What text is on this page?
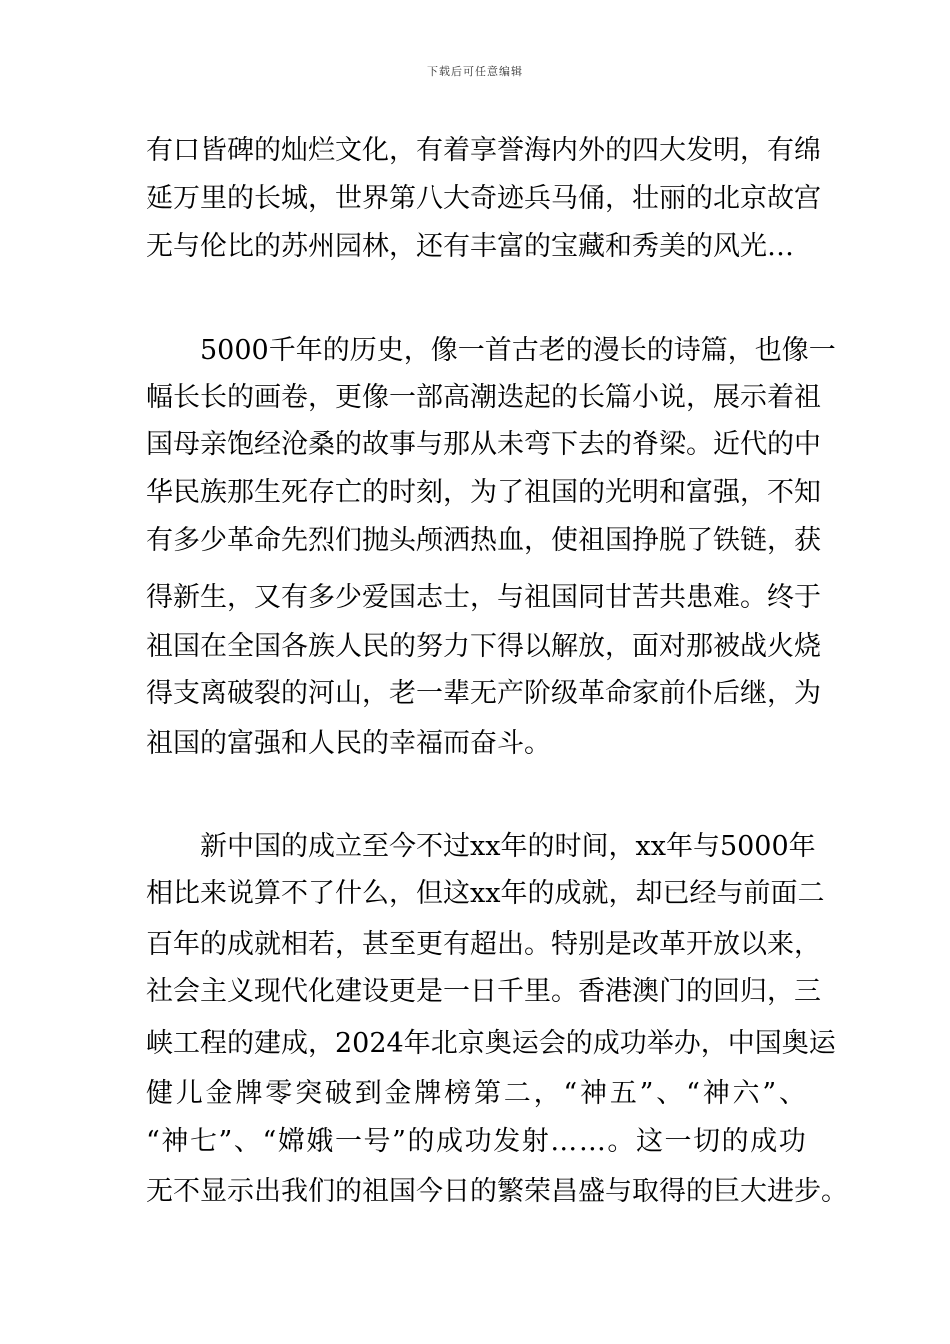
下载后可任意编辑
有 口 皆 碑 的 灿 烂 文 化 ， 有 着 享 誉 海 内 外 的 四 大 发 明 ， 有 绵
延 万 里 的 长 城 ， 世 界 第 八 大 奇 迹 兵 马 俑 ， 壮 丽 的 北 京 故 宫
无 与 伦 比 的 苏 州 园 林 ， 还 有 丰 富 的 宝 藏 和 秀 美 的 风 光 …

5000 千 年 的 历 史 ， 像 一 首 古 老 的 漫 长 的 诗 篇 ， 也 像 一
幅 长 长 的 画 卷 ， 更 像 一 部 高 潮 迭 起 的 长 篇 小 说 ， 展 示 着 祖
国 母 亲 饱 经 沧 桑 的 故 事 与 那 从 未 弯 下 去 的 脊 梁 。 近 代 的 中
华 民 族 那 生 死 存 亡 的 时 刻 ， 为 了 祖 国 的 光 明 和 富 强 ， 不 知
有 多 少 革 命 先 烈 们 抛 头 颅 洒 热 血 ， 使 祖 国 挣 脱 了 铁 链 ， 获
得 新 生 ， 又 有 多 少 爱 国 志 士 ， 与 祖 国 同 甘 苦 共 患 难 。 终 于
祖 国 在 全 国 各 族 人 民 的 努 力 下 得 以 解 放 ， 面 对 那 被 战 火 烧
得 支 离 破 裂 的 河 山 ， 老 一 辈 无 产 阶 级 革 命 家 前 仆 后 继 ， 为
祖 国 的 富 强 和 人 民 的 幸 福 而 奋 斗 。

新 中 国 的 成 立 至 今 不 过 xx 年 的 时 间 ， xx 年 与 5000 年
相 比 来 说 算 不 了 什 么 ， 但 这 xx 年 的 成 就 ， 却 已 经 与 前 面 二
百 年 的 成 就 相 若 ， 甚 至 更 有 超 出 。 特 别 是 改 革 开 放 以 来 ，
社 会 主 义 现 代 化 建 设 更 是 一 日 千 里 。 香 港 澳 门 的 回 归 ， 三
峡 工 程 的 建 成 ， 2024 年 北 京 奥 运 会 的 成 功 举 办 ， 中 国 奥 运
健 儿 金 牌 零 突 破 到 金 牌 榜 第 二 ， “ 神 五 ” 、 “ 神 六 ” 、
“ 神 七 ” 、 “ 嫦 娥 一 号 ” 的 成 功 发 射 … … 。 这 一 切 的 成 功
无 不 显 示 出 我 们 的 祖 国 今 日 的 繁 荣 昌 盛 与 取 得 的 巨 大 进 步 。
